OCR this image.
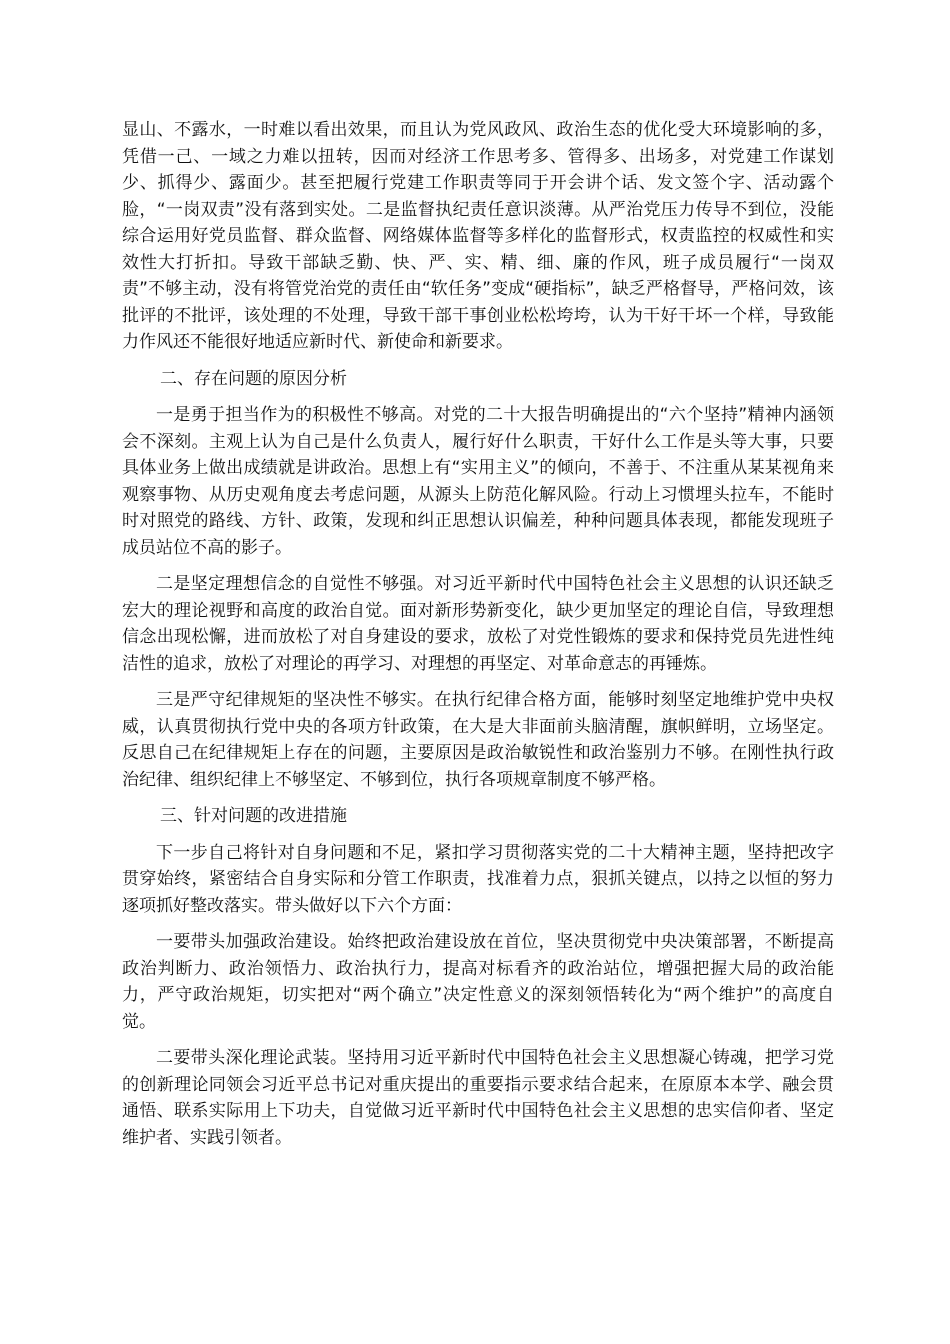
显山、不露水，一时难以看出效果，而且认为党风政风、政治生态的优化受大环境影响的多，凭借一己、一域之力难以扭转，因而对经济工作思考多、管得多、出场多，对党建工作谋划少、抓得少、露面少。甚至把履行党建工作职责等同于开会讲个话、发文签个字、活动露个脸，“一岗双责”没有落到实处。二是监督执纪责任意识淡薄。从严治党压力传导不到位，没能综合运用好党员监督、群众监督、网络媒体监督等多样化的监督形式，权责监控的权威性和实效性大打折扣。导致干部缺乏勤、快、严、实、精、细、廉的作风，班子成员履行“一岗双责”不够主动，没有将管党治党的责任由“软任务”变成“硬指标”，缺乏严格督导，严格问效，该批评的不批评，该处理的不处理，导致干部干事创业松松垮垮，认为干好干坏一个样，导致能力作风还不能很好地适应新时代、新使命和新要求。

二、存在问题的原因分析

一是勇于担当作为的积极性不够高。对党的二十大报告明确提出的“六个坚持”精神内涵领会不深刻。主观上认为自己是什么负责人，履行好什么职责，干好什么工作是头等大事，只要具体业务上做出成绩就是讲政治。思想上有“实用主义”的倾向，不善于、不注重从某某视角来观察事物、从历史观角度去考虑问题，从源头上防范化解风险。行动上习惯埋头拉车，不能时时对照党的路线、方针、政策，发现和纠正思想认识偏差，种种问题具体表现，都能发现班子成员站位不高的影子。

二是坚定理想信念的自觉性不够强。对习近平新时代中国特色社会主义思想的认识还缺乏宏大的理论视野和高度的政治自觉。面对新形势新变化，缺少更加坚定的理论自信，导致理想信念出现松懈，进而放松了对自身建设的要求，放松了对党性锻炼的要求和保持党员先进性纯洁性的追求，放松了对理论的再学习、对理想的再坚定、对革命意志的再锤炼。

三是严守纪律规矩的坚决性不够实。在执行纪律合格方面，能够时刻坚定地维护党中央权威，认真贯彻执行党中央的各项方针政策，在大是大非面前头脑清醒，旗帜鲜明，立场坚定。反思自己在纪律规矩上存在的问题，主要原因是政治敏锐性和政治鉴别力不够。在刚性执行政治纪律、组织纪律上不够坚定、不够到位，执行各项规章制度不够严格。

三、针对问题的改进措施

下一步自己将针对自身问题和不足，紧扣学习贯彻落实党的二十大精神主题，坚持把改字贯穿始终，紧密结合自身实际和分管工作职责，找准着力点，狠抓关键点，以持之以恒的努力逐项抓好整改落实。带头做好以下六个方面：

一要带头加强政治建设。始终把政治建设放在首位，坚决贯彻党中央决策部署，不断提高政治判断力、政治领悟力、政治执行力，提高对标看齐的政治站位，增强把握大局的政治能力，严守政治规矩，切实把对“两个确立”决定性意义的深刻领悟转化为“两个维护”的高度自觉。

二要带头深化理论武装。坚持用习近平新时代中国特色社会主义思想凝心铸魂，把学习党的创新理论同领会习近平总书记对重庆提出的重要指示要求结合起来，在原原本本学、融会贯通悟、联系实际用上下功夫，自觉做习近平新时代中国特色社会主义思想的忠实信仰者、坚定维护者、实践引领者。
